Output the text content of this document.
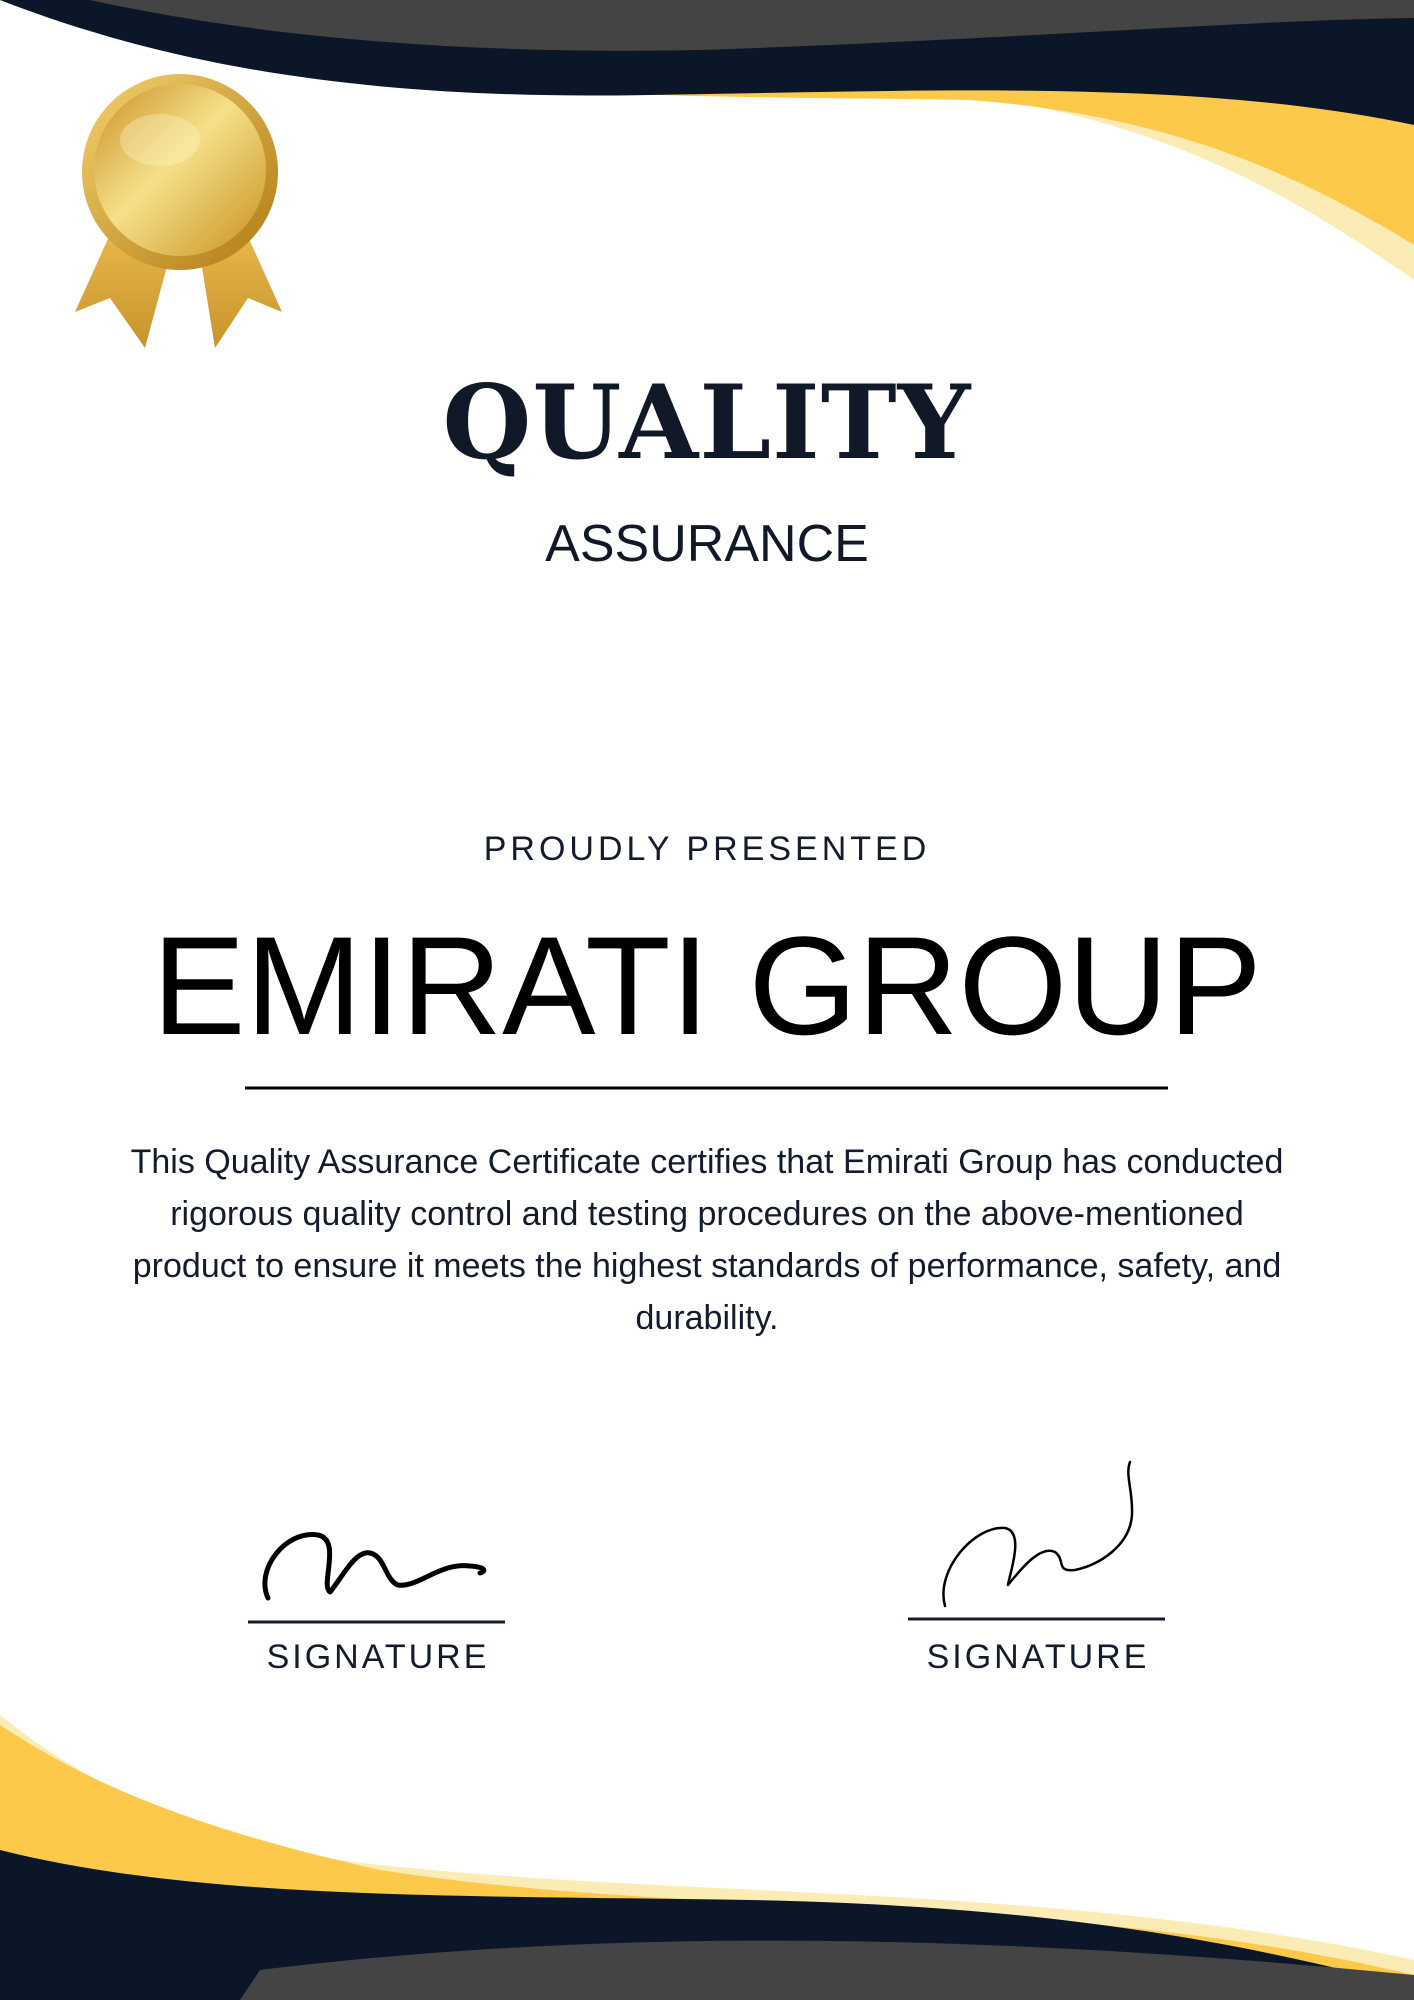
QUALITY
ASSURANCE
PROUDLY PRESENTED
EMIRATI GROUP

This Quality Assurance Certificate certifies that Emirati Group has conducted rigorous quality control and testing procedures on the above-mentioned product to ensure it meets the highest standards of performance, safety, and durability.

SIGNATURE	SIGNATURE
